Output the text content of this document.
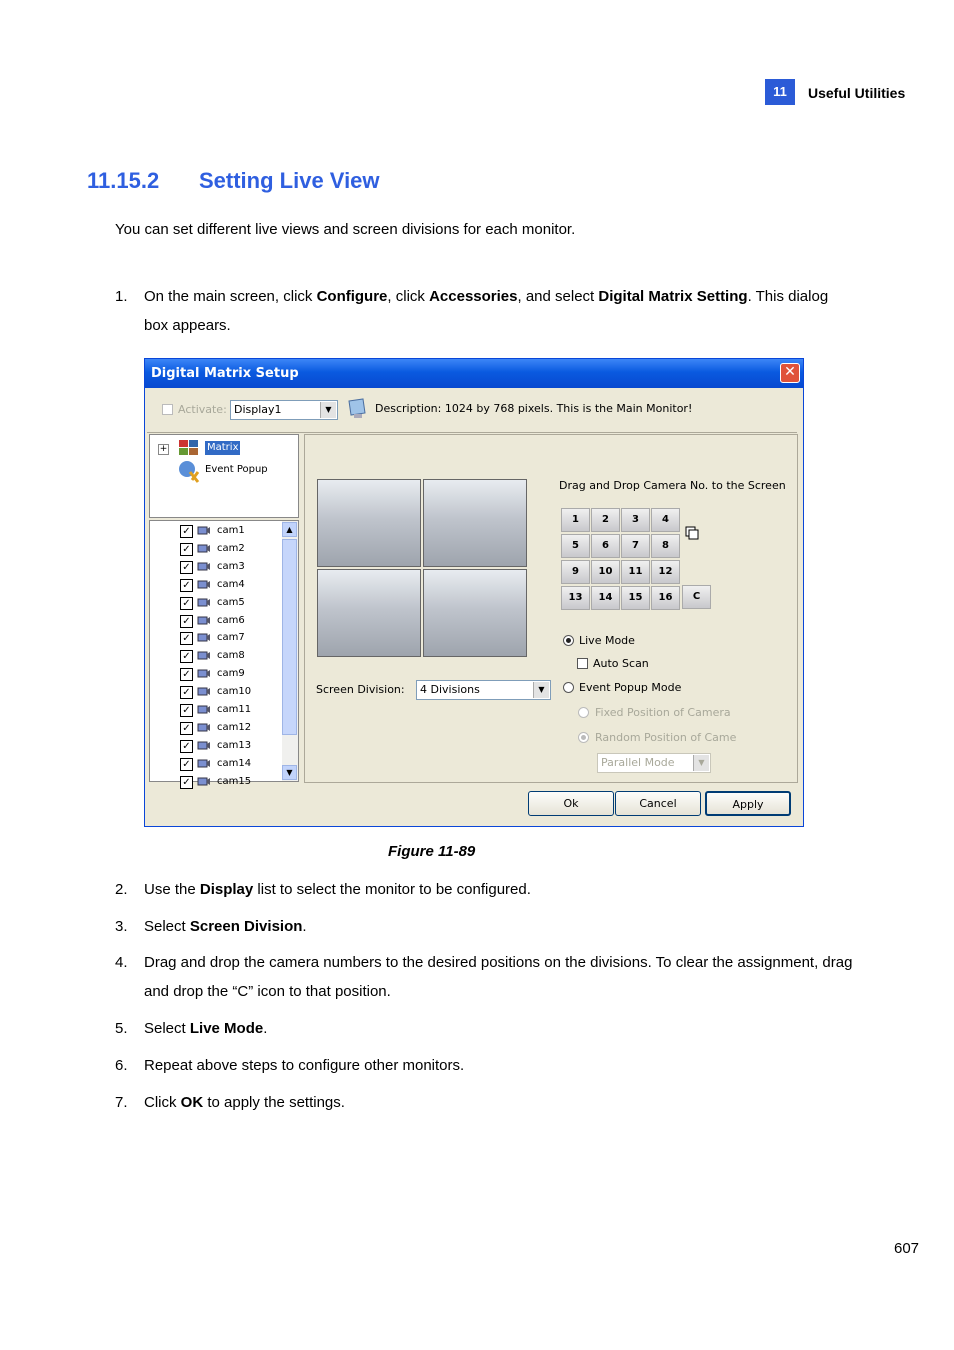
11	Useful Utilities
11.15.2 Setting Live View
You can set different live views and screen divisions for each monitor.
1. On the main screen, click Configure, click Accessories, and select Digital Matrix Setting. This dialog box appears.
Digital Matrix Setup	✕
Activate: Display1	▼	Description: 1024 by 768 pixels. This is the Main Monitor!
+	Matrix
Event Popup
▲
▼
✓	cam1
✓	cam2
✓	cam3
✓	cam4
✓	cam5
✓	cam6
✓	cam7
✓	cam8
✓	cam9
✓	cam10
✓	cam11
✓	cam12
✓	cam13
✓	cam14
✓	cam15
Screen Division:	4 Divisions	▼
Drag and Drop Camera No. to the Screen
1	2	3	4
5	6	7	8
9	10	11	12
13	14	15	16	C
Live Mode
Auto Scan
Event Popup Mode
Fixed Position of Camera
Random Position of Came
Parallel Mode	▼
Ok	Cancel	Apply
Figure 11-89
2. Use the Display list to select the monitor to be configured.
3. Select Screen Division.
4. Drag and drop the camera numbers to the desired positions on the divisions. To clear the assignment, drag and drop the “C” icon to that position.
5. Select Live Mode.
6. Repeat above steps to configure other monitors.
7. Click OK to apply the settings.
607
